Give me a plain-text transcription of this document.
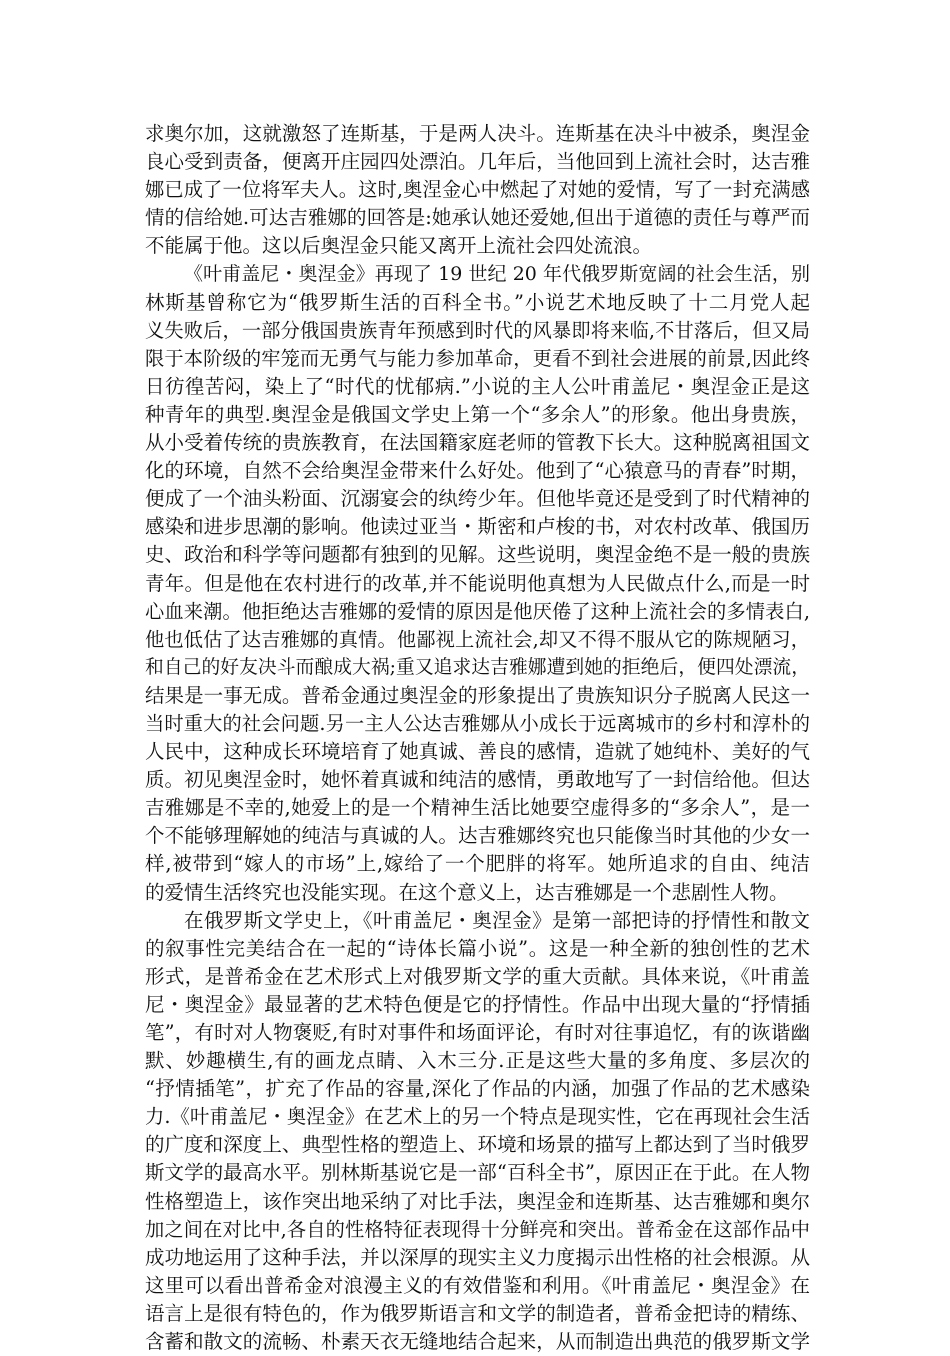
求奥尔加，这就激怒了连斯基，于是两人决斗。连斯基在决斗中被杀，奥涅金
良心受到责备，便离开庄园四处漂泊。几年后，当他回到上流社会时，达吉雅
娜已成了一位将军夫人。这时,奥涅金心中燃起了对她的爱情，写了一封充满感
情的信给她.可达吉雅娜的回答是:她承认她还爱她,但出于道德的责任与尊严而
不能属于他。这以后奥涅金只能又离开上流社会四处流浪。
《叶甫盖尼・奥涅金》再现了 19 世纪 20 年代俄罗斯宽阔的社会生活，别
林斯基曾称它为“俄罗斯生活的百科全书。”小说艺术地反映了十二月党人起
义失败后，一部分俄国贵族青年预感到时代的风暴即将来临,不甘落后，但又局
限于本阶级的牢笼而无勇气与能力参加革命，更看不到社会进展的前景,因此终
日彷徨苦闷，染上了“时代的忧郁病.”小说的主人公叶甫盖尼・奥涅金正是这
种青年的典型.奥涅金是俄国文学史上第一个“多余人”的形象。他出身贵族，
从小受着传统的贵族教育，在法国籍家庭老师的管教下长大。这种脱离祖国文
化的环境，自然不会给奥涅金带来什么好处。他到了“心猿意马的青春”时期，
便成了一个油头粉面、沉溺宴会的纨绔少年。但他毕竟还是受到了时代精神的
感染和进步思潮的影响。他读过亚当・斯密和卢梭的书，对农村改革、俄国历
史、政治和科学等问题都有独到的见解。这些说明，奥涅金绝不是一般的贵族
青年。但是他在农村进行的改革,并不能说明他真想为人民做点什么,而是一时
心血来潮。他拒绝达吉雅娜的爱情的原因是他厌倦了这种上流社会的多情表白,
他也低估了达吉雅娜的真情。他鄙视上流社会,却又不得不服从它的陈规陋习，
和自己的好友决斗而酿成大祸;重又追求达吉雅娜遭到她的拒绝后，便四处漂流，
结果是一事无成。普希金通过奥涅金的形象提出了贵族知识分子脱离人民这一
当时重大的社会问题.另一主人公达吉雅娜从小成长于远离城市的乡村和淳朴的
人民中，这种成长环境培育了她真诚、善良的感情，造就了她纯朴、美好的气
质。初见奥涅金时，她怀着真诚和纯洁的感情，勇敢地写了一封信给他。但达
吉雅娜是不幸的,她爱上的是一个精神生活比她要空虚得多的“多余人”，是一
个不能够理解她的纯洁与真诚的人。达吉雅娜终究也只能像当时其他的少女一
样,被带到“嫁人的市场”上,嫁给了一个肥胖的将军。她所追求的自由、纯洁
的爱情生活终究也没能实现。在这个意义上，达吉雅娜是一个悲剧性人物。
在俄罗斯文学史上，《叶甫盖尼・奥涅金》是第一部把诗的抒情性和散文
的叙事性完美结合在一起的“诗体长篇小说”。这是一种全新的独创性的艺术
形式，是普希金在艺术形式上对俄罗斯文学的重大贡献。具体来说，《叶甫盖
尼・奥涅金》最显著的艺术特色便是它的抒情性。作品中出现大量的“抒情插
笔”，有时对人物褒贬,有时对事件和场面评论，有时对往事追忆，有的诙谐幽
默、妙趣横生,有的画龙点睛、入木三分.正是这些大量的多角度、多层次的
“抒情插笔”，扩充了作品的容量,深化了作品的内涵，加强了作品的艺术感染
力.《叶甫盖尼・奥涅金》在艺术上的另一个特点是现实性，它在再现社会生活
的广度和深度上、典型性格的塑造上、环境和场景的描写上都达到了当时俄罗
斯文学的最高水平。别林斯基说它是一部“百科全书”，原因正在于此。在人物
性格塑造上，该作突出地采纳了对比手法，奥涅金和连斯基、达吉雅娜和奥尔
加之间在对比中,各自的性格特征表现得十分鲜亮和突出。普希金在这部作品中
成功地运用了这种手法，并以深厚的现实主义力度揭示出性格的社会根源。从
这里可以看出普希金对浪漫主义的有效借鉴和利用。《叶甫盖尼・奥涅金》在
语言上是很有特色的，作为俄罗斯语言和文学的制造者，普希金把诗的精练、
含蓄和散文的流畅、朴素天衣无缝地结合起来，从而制造出典范的俄罗斯文学
